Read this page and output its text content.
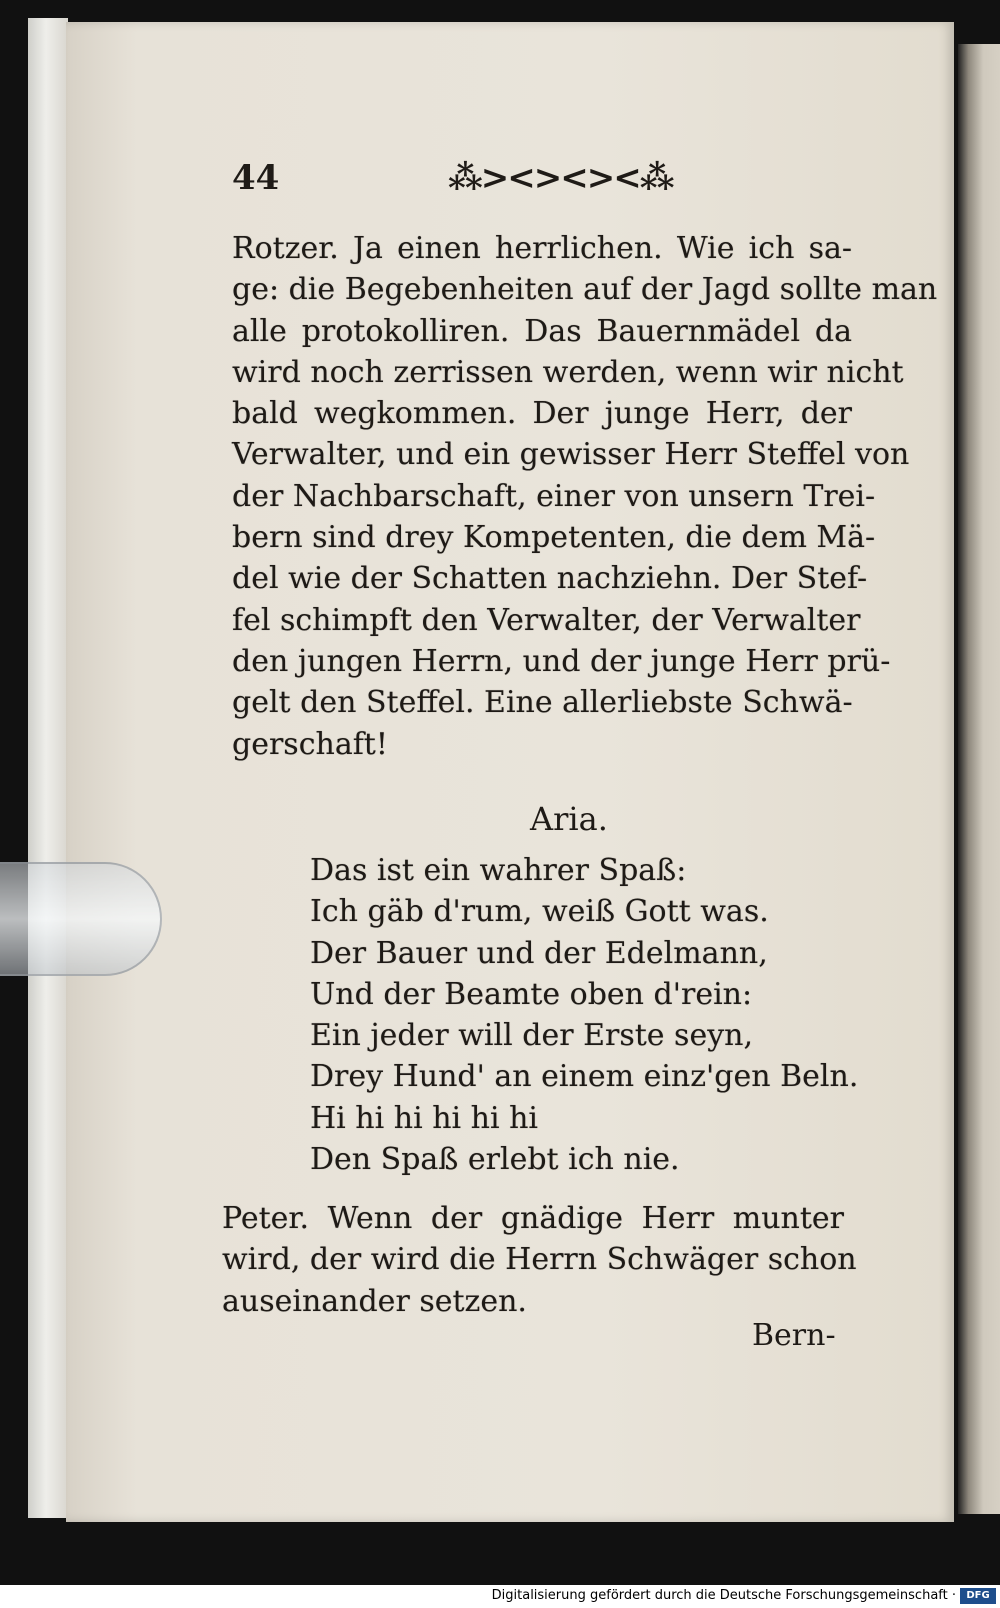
44	⁂><><><⁂
Rotzer. Ja einen herrlichen. Wie ich sa-
ge: die Begebenheiten auf der Jagd sollte man
alle protokolliren. Das Bauernmädel da
wird noch zerrissen werden, wenn wir nicht
bald wegkommen. Der junge Herr, der
Verwalter, und ein gewisser Herr Steffel von
der Nachbarschaft, einer von unsern Trei-
bern sind drey Kompetenten, die dem Mä-
del wie der Schatten nachziehn. Der Stef-
fel schimpft den Verwalter, der Verwalter
den jungen Herrn, und der junge Herr prü-
gelt den Steffel. Eine allerliebste Schwä-
gerschaft!
Aria.
Das ist ein wahrer Spaß:
Ich gäb d'rum, weiß Gott was.
Der Bauer und der Edelmann,
Und der Beamte oben d'rein:
Ein jeder will der Erste seyn,
Drey Hund' an einem einz'gen Beln.
Hi hi hi hi hi hi
Den Spaß erlebt ich nie.
Peter. Wenn der gnädige Herr munter
wird, der wird die Herrn Schwäger schon
auseinander setzen.
Bern-
Digitalisierung gefördert durch die Deutsche Forschungsgemeinschaft ·	DFG
